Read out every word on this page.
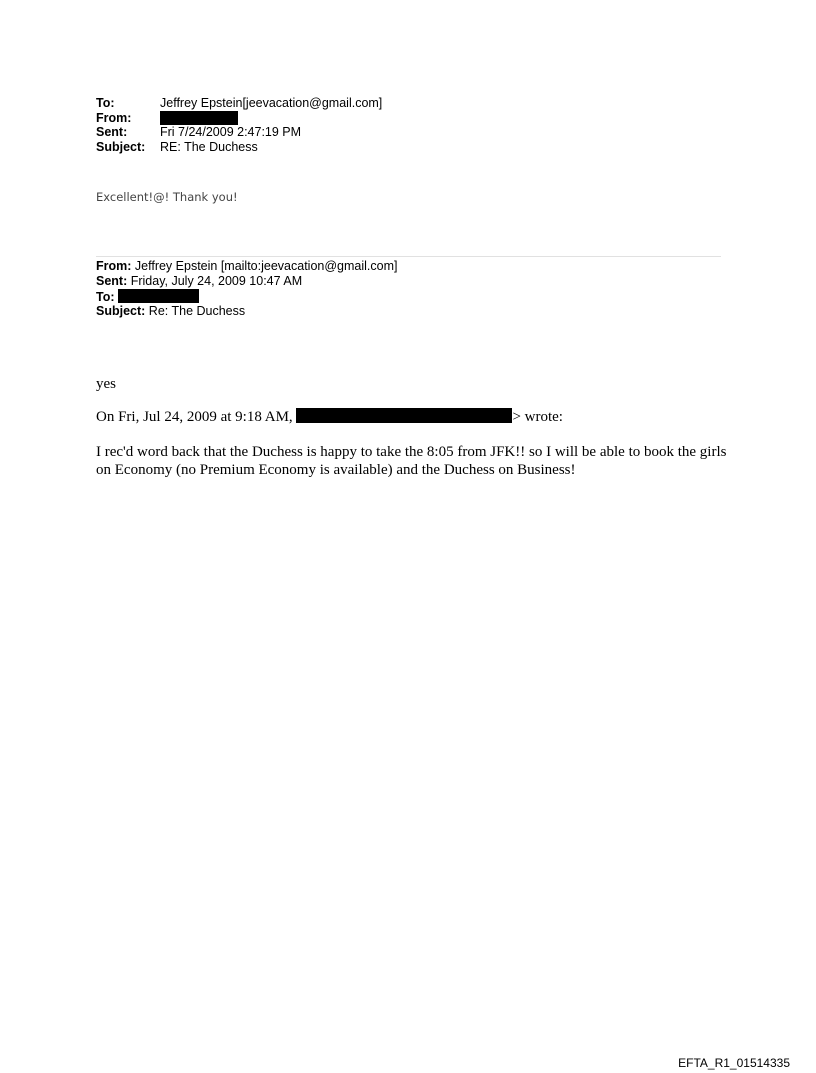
To:	Jeffrey Epstein[jeevacation@gmail.com]
From:
Sent:	Fri 7/24/2009 2:47:19 PM
Subject:	RE: The Duchess
Excellent!@! Thank you!
From: Jeffrey Epstein [mailto:jeevacation@gmail.com]
Sent: Friday, July 24, 2009 10:47 AM
To:
Subject: Re: The Duchess
yes
On Fri, Jul 24, 2009 at 9:18 AM,	> wrote:
I rec'd word back that the Duchess is happy to take the 8:05 from JFK!! so I will be able to book the girls on Economy (no Premium Economy is available) and the Duchess on Business!
EFTA_R1_01514335
